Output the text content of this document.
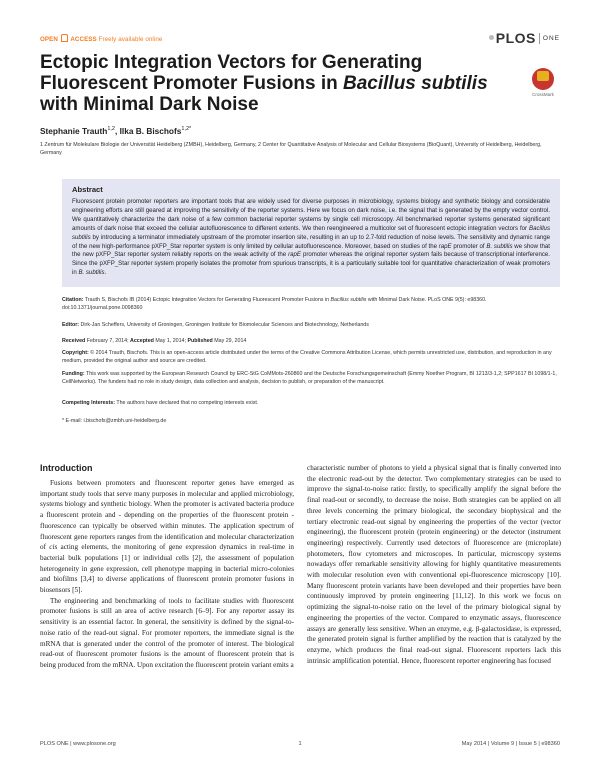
OPEN ACCESS Freely available online	PLOS $^{ONE}$
Ectopic Integration Vectors for Generating Fluorescent Promoter Fusions in Bacillus subtilis with Minimal Dark Noise	CrossMark
Stephanie Trauth$^{1,2}$, Ilka B. Bischofs$^{1,2*}$
1 Zentrum für Molekulare Biologie der Universität Heidelberg (ZMBH), Heidelberg, Germany, 2 Center for Quantitative Analysis of Molecular and Cellular Biosystems (BioQuant), University of Heidelberg, Heidelberg, Germany
Abstract
Fluorescent protein promoter reporters are important tools that are widely used for diverse purposes in microbiology, systems biology and synthetic biology and considerable engineering efforts are still geared at improving the sensitivity of the reporter systems. Here we focus on dark noise, i.e. the signal that is generated by the empty vector control. We quantitatively characterize the dark noise of a few common bacterial reporter systems by single cell microscopy. All benchmarked reporter systems generated significant amounts of dark noise that exceed the cellular autofluorescence to different extents. We then reengineered a multicolor set of fluorescent ectopic integration vectors for Bacillus subtilis by introducing a terminator immediately upstream of the promoter insertion site, resulting in an up to 2.7-fold reduction of noise levels. The sensitivity and dynamic range of the new high-performance pXFP_Star reporter system is only limited by cellular autofluorescence. Moreover, based on studies of the rapE promoter of B. subtilis we show that the new pXFP_Star reporter system reliably reports on the weak activity of the rapE promoter whereas the original reporter system fails because of transcriptional interference. Since the pXFP_Star reporter system properly isolates the promoter from spurious transcripts, it is a particularly suitable tool for quantitative characterization of weak promoters in B. subtilis.
Citation: Trauth S, Bischofs IB (2014) Ectopic Integration Vectors for Generating Fluorescent Promoter Fusions in Bacillus subtilis with Minimal Dark Noise. PLoS ONE 9(5): e98360. doi:10.1371/journal.pone.0098360
Editor: Dirk-Jan Scheffers, University of Groningen, Groningen Institute for Biomolecular Sciences and Biotechnology, Netherlands
Received February 7, 2014; Accepted May 1, 2014; Published May 29, 2014
Copyright: © 2014 Trauth, Bischofs. This is an open-access article distributed under the terms of the Creative Commons Attribution License, which permits unrestricted use, distribution, and reproduction in any medium, provided the original author and source are credited.
Funding: This work was supported by the European Research Council by ERC-StG CoMMots-260860 and the Deutsche Forschungsgemeinschaft (Emmy Noether Program, BI 1213/3-1,2; SPP1617 BI 1098/1-1, CellNetworks). The funders had no role in study design, data collection and analysis, decision to publish, or preparation of the manuscript.
Competing Interests: The authors have declared that no competing interests exist.
* E-mail: i.bischofs@zmbh.uni-heidelberg.de
Introduction

Fusions between promoters and fluorescent reporter genes have emerged as important study tools that serve many purposes in molecular and applied microbiology, systems biology and synthetic biology. When the promoter is activated bacteria produce a fluorescent protein and - depending on the properties of the fluorescent protein - fluorescence can typically be observed within minutes. The application spectrum of fluorescent gene reporters ranges from the identification and molecular characterization of cis acting elements, the monitoring of gene expression dynamics in real-time in bacterial bulk populations [1] or individual cells [2], the assessment of population heterogeneity in gene expression, cell phenotype mapping in bacterial micro-colonies and biofilms [3,4] to diverse applications of fluorescent protein promoter fusions in biosensors [5].

The engineering and benchmarking of tools to facilitate studies with fluorescent promoter fusions is still an area of active research [6–9]. For any reporter assay its sensitivity is an essential factor. In general, the sensitivity is defined by the signal-to-noise ratio of the read-out signal. For promoter reporters, the immediate signal is the mRNA that is generated under the control of the promoter of interest. The biological read-out of fluorescent promoter fusions is the amount of fluorescent protein that is being produced from the mRNA. Upon excitation the fluorescent protein variant emits a

characteristic number of photons to yield a physical signal that is finally converted into the electronic read-out by the detector. Two complementary strategies can be used to improve the signal-to-noise ratio: firstly, to specifically amplify the signal before the final read-out or secondly, to decrease the noise. Both strategies can be applied on all three levels concerning the primary biological, the secondary biophysical and the tertiary electronic read-out signal by engineering the properties of the vector (vector engineering), the fluorescent protein (protein engineering) or the detector (instrument engineering) respectively. Currently used detectors of fluorescence are (microplate) photometers, flow cytometers and microscopes. In particular, microscopy systems nowadays offer remarkable sensitivity allowing for highly quantitative measurements with molecular resolution even with conventional epi-fluorescence microscopy [10]. Many fluorescent protein variants have been developed and their properties have been continuously improved by protein engineering [11,12]. In this work we focus on optimizing the signal-to-noise ratio on the level of the primary biological signal by engineering the properties of the vector. Compared to enzymatic assays, fluorescence assays are generally less sensitive. When an enzyme, e.g. β-galactosidase, is expressed, the generated protein signal is further amplified by the reaction that is catalyzed by the enzyme, which produces the final read-out signal. Fluorescent reporters lack this intrinsic amplification potential. Hence, fluorescent reporter engineering has focused

PLOS ONE | www.plosone.org	1	May 2014 | Volume 9 | Issue 5 | e98360
